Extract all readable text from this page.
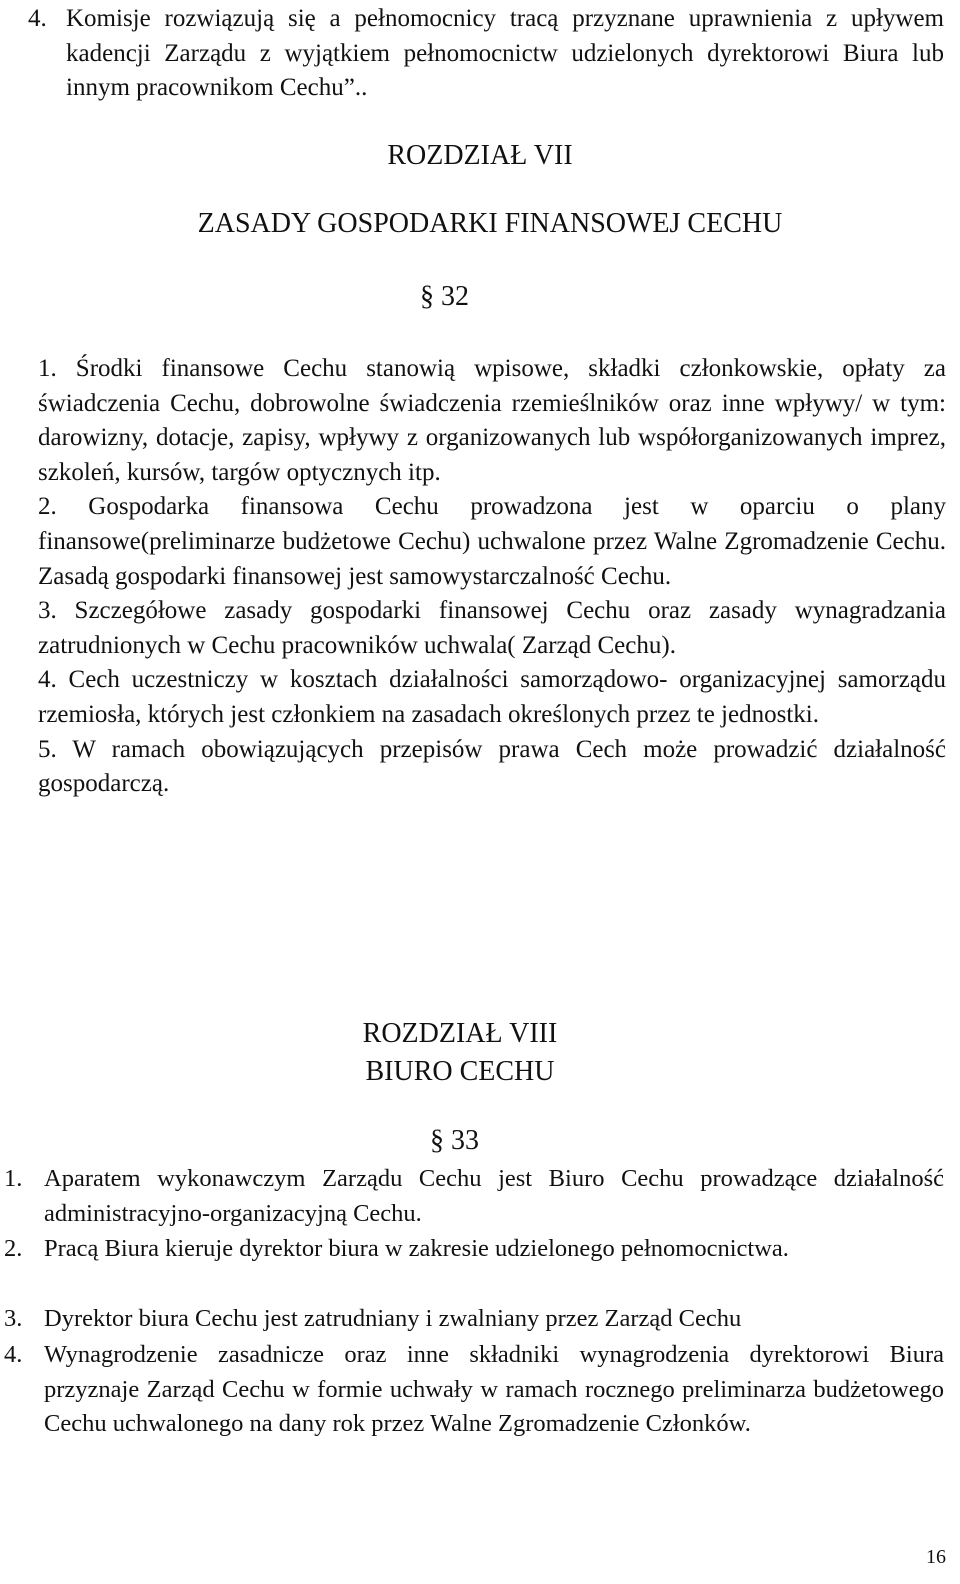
4. Komisje rozwiązują się a pełnomocnicy tracą przyznane uprawnienia z upływem kadencji Zarządu z wyjątkiem pełnomocnictw udzielonych dyrektorowi Biura lub innym pracownikom Cechu”..
ROZDZIAŁ VII
ZASADY GOSPODARKI FINANSOWEJ CECHU
§ 32
1. Środki finansowe Cechu stanowią wpisowe, składki członkowskie, opłaty za świadczenia Cechu, dobrowolne świadczenia rzemieślników oraz inne wpływy/ w tym: darowizny, dotacje, zapisy, wpływy z organizowanych lub współorganizowanych imprez, szkoleń, kursów, targów optycznych itp.
2. Gospodarka finansowa Cechu prowadzona jest w oparciu o plany finansowe(preliminarze budżetowe Cechu) uchwalone przez Walne Zgromadzenie Cechu. Zasadą gospodarki finansowej jest samowystarczalność Cechu.
3. Szczegółowe zasady gospodarki finansowej Cechu oraz zasady wynagradzania zatrudnionych w Cechu pracowników uchwala( Zarząd Cechu).
4. Cech uczestniczy w kosztach działalności samorządowo- organizacyjnej samorządu rzemiosła, których jest członkiem na zasadach określonych przez te jednostki.
5. W ramach obowiązujących przepisów prawa Cech może prowadzić działalność gospodarczą.
ROZDZIAŁ VIII
BIURO CECHU
§ 33
1. Aparatem wykonawczym Zarządu Cechu jest Biuro Cechu prowadzące działalność administracyjno-organizacyjną Cechu.
2. Pracą Biura kieruje dyrektor biura w zakresie udzielonego pełnomocnictwa.
3. Dyrektor biura Cechu jest zatrudniany i zwalniany przez Zarząd Cechu
4. Wynagrodzenie zasadnicze oraz inne składniki wynagrodzenia dyrektorowi Biura przyznaje Zarząd Cechu w formie uchwały w ramach rocznego preliminarza budżetowego Cechu uchwalonego na dany rok przez Walne Zgromadzenie Członków.
16
